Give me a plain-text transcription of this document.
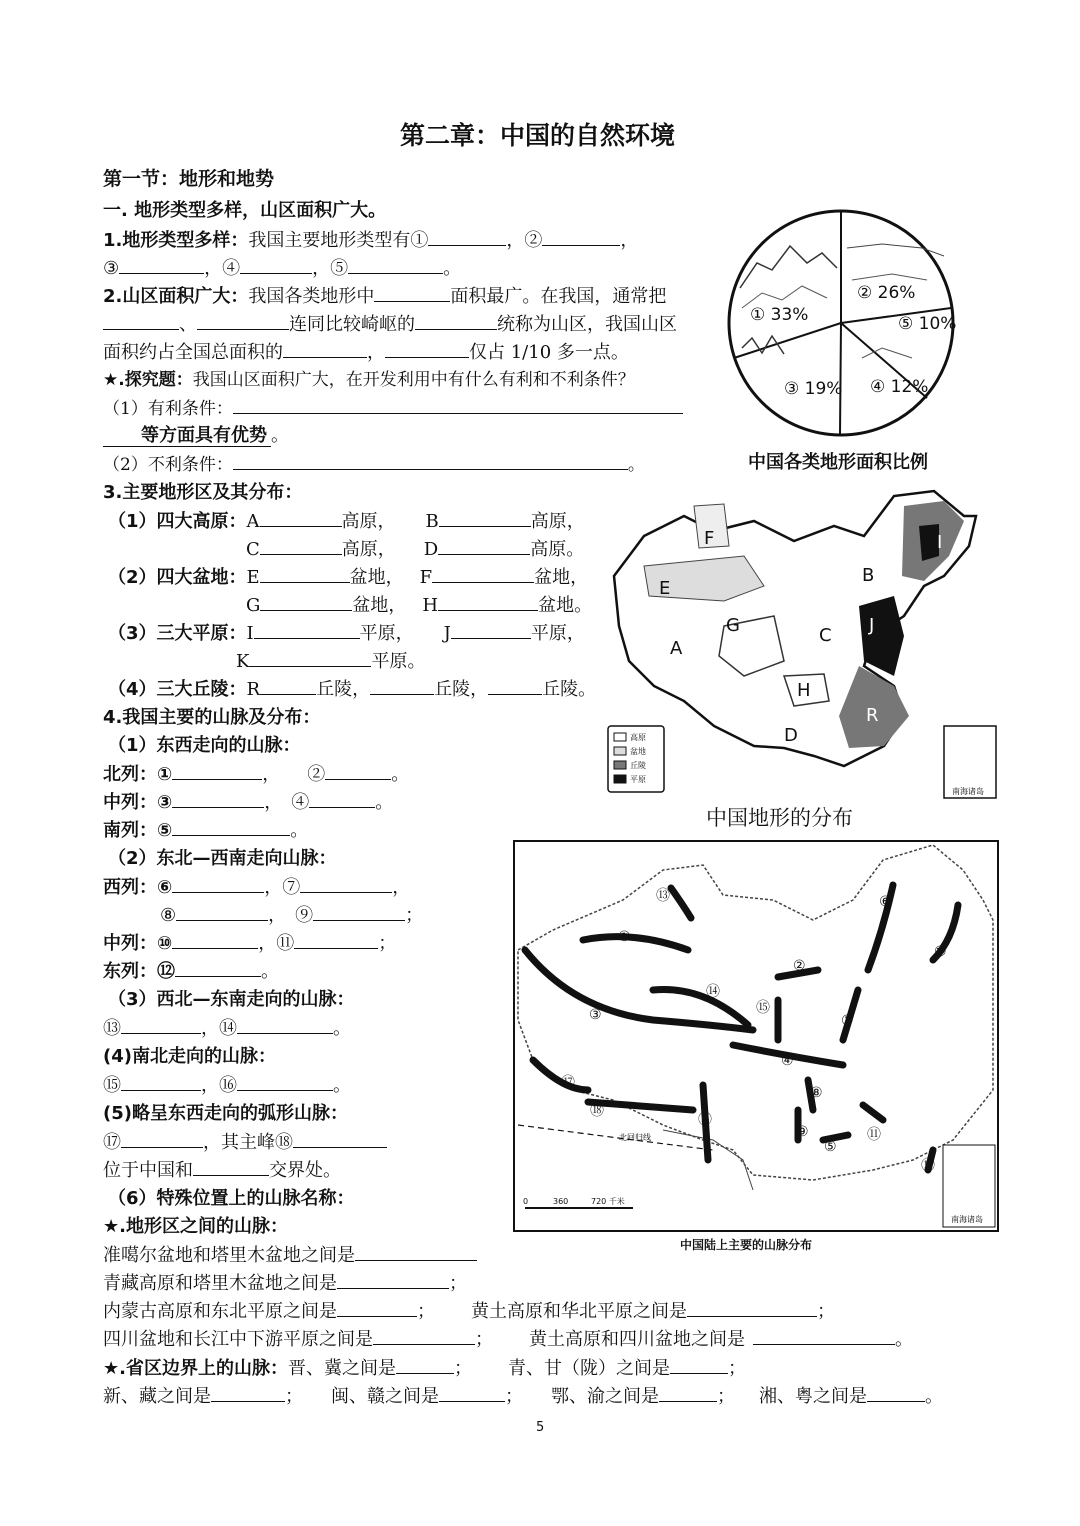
第二章：中国的自然环境
第一节：地形和地势
一. 地形类型多样，山区面积广大。
1.地形类型多样：我国主要地形类型有①	，②	，
③	，④	，⑤	。
2.山区面积广大：我国各类地形中	面积最广。在我国，通常把
、	连同比较崎岖的	统称为山区，我国山区
面积约占全国总面积的	，	仅占 1/10 多一点。
★.探究题：我国山区面积广大，在开发利用中有什么有利和不利条件？
（1）有利条件：
等方面具有优势 。
（2）不利条件：	。
① 33%
② 26%
⑤ 10%
③ 19% ④ 12%
中国各类地形面积比例
3.主要地形区及其分布：
（1）四大高原：A	高原， B	高原，
C	高原， D	高原。
（2）四大盆地：E	盆地， F	盆地，
G	盆地， H	盆地。
（3）三大平原：I	平原， J	平原，
K	平原。
（4）三大丘陵：R	丘陵，	丘陵，	丘陵。
F
E
B
I
J
C
G
A
H
K
R
D
高原
盆地
丘陵
平原
南海诸岛
中国地形的分布
4.我国主要的山脉及分布：
（1）东西走向的山脉：
北列：①	，　　②	。
中列：③	，　④	。
南列：⑤	。
（2）东北—西南走向山脉：
西列：⑥	，⑦	，
⑧	，　⑨	；
中列：⑩	，⑪	；
东列：⑫	。
（3）西北—东南走向的山脉：
⑬	，⑭	。
(4)南北走向的山脉：
⑮	，⑯	。
(5)略呈东西走向的弧形山脉：
⑰	，其主峰⑱
位于中国和	交界处。
（6）特殊位置上的山脉名称：
★.地形区之间的山脉：
准噶尔盆地和塔里木盆地之间是
青藏高原和塔里木盆地之间是	；
内蒙古高原和东北平原之间是	； 黄土高原和华北平原之间是	；
四川盆地和长江中下游平原之间是	； 黄土高原和四川盆地之间是	。
★.省区边界上的山脉：晋、冀之间是	； 青、甘（陇）之间是	；
新、藏之间是	； 闽、赣之间是	； 鄂、渝之间是	； 湘、粤之间是	。
①
②
③
④
⑤
⑥
⑦
⑧
⑨
⑩
⑪
⑫
⑬
⑭
⑮
⑯
⑰
⑱
北回归线
0	360	720 千米
南海诸岛
中国陆上主要的山脉分布
5
